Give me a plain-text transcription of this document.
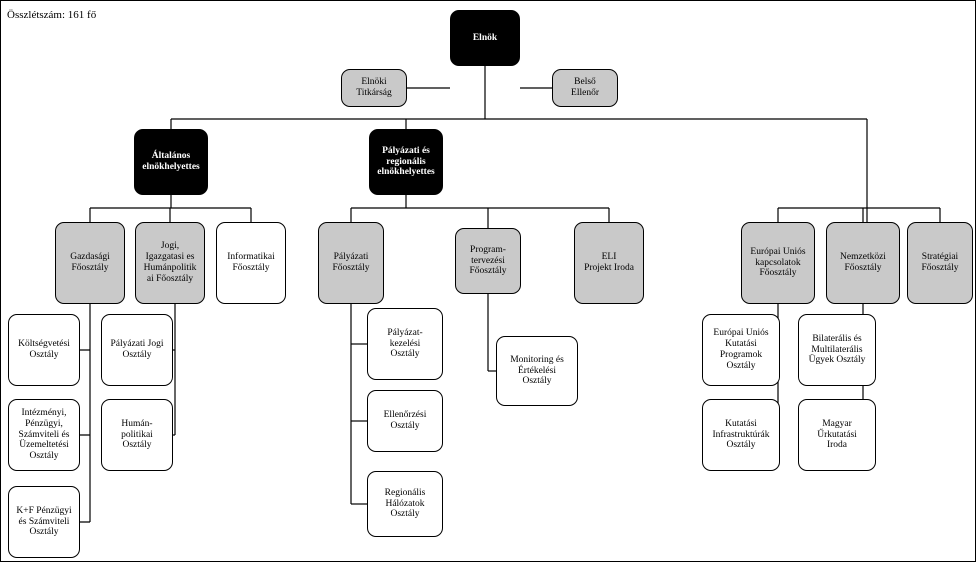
Összlétszám: 161 fő
Elnök
Elnöki
Titkárság
Belső
Ellenőr
Általános
elnökhelyettes
Pályázati és
regionális
elnökhelyettes
Gazdasági
Főosztály
Jogi,
Igazgatasi es
Humánpolitik
ai Főosztály
Informatikai
Főosztály
Pályázati
Főosztály
Program-
tervezési
Főosztály
ELI
Projekt Iroda
Európai Uniós
kapcsolatok
Főosztály
Nemzetközi
Főosztály
Stratégiai
Főosztály
Költségvetési
Osztály
Intézményi,
Pénzügyi,
Számviteli és
Üzemeltetési
Osztály
K+F Pénzügyi
és Számviteli
Osztály
Pályázati Jogi
Osztály
Humán-
politikai
Osztály
Pályázat-
kezelési
Osztály
Ellenőrzési
Osztály
Regionális
Hálózatok
Osztály
Monitoring és
Értékelési
Osztály
Európai Uniós
Kutatási
Programok
Osztály
Kutatási
Infrastruktúrák
Osztály
Bilaterális és
Multilaterális
Ügyek Osztály
Magyar
Űrkutatási
Iroda
